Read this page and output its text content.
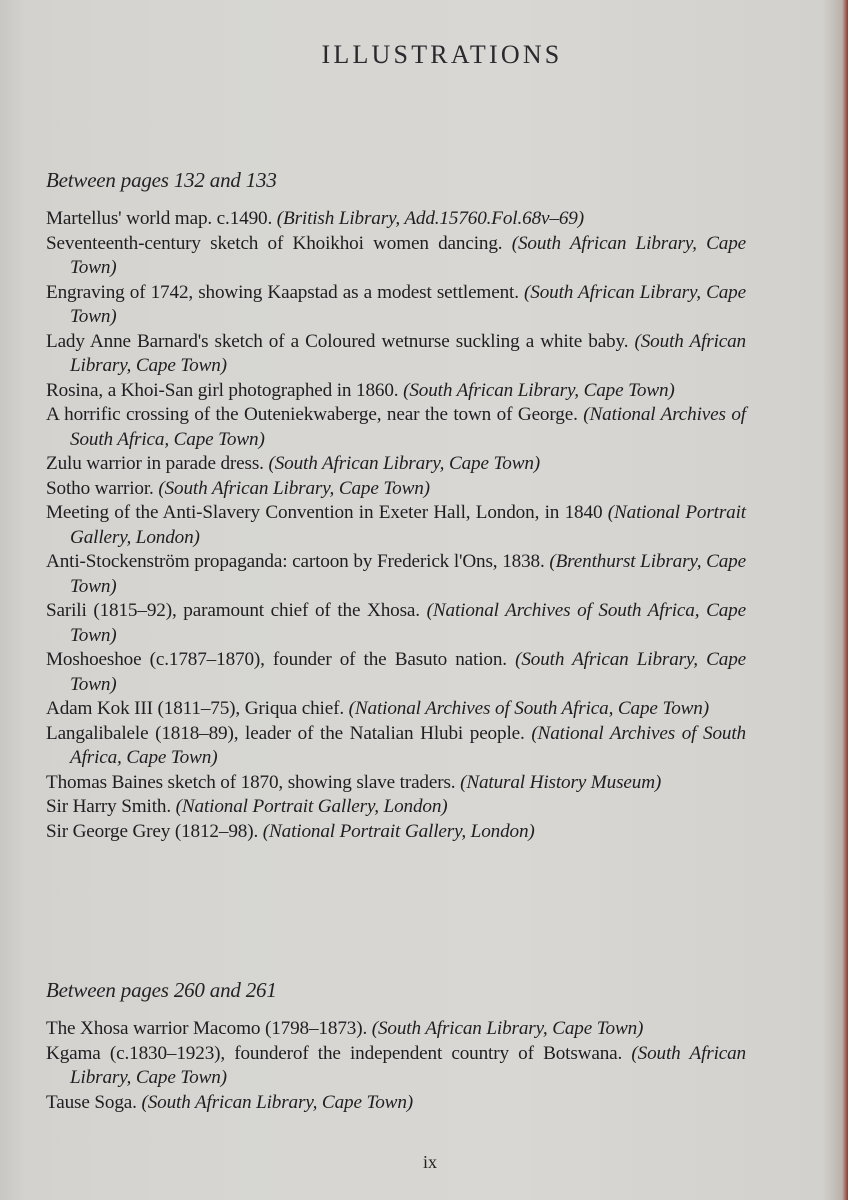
ILLUSTRATIONS
Between pages 132 and 133

Martellus' world map. c.1490. (British Library, Add.15760.Fol.68v–69)

Seventeenth-century sketch of Khoikhoi women dancing. (South African Library, Cape Town)

Engraving of 1742, showing Kaapstad as a modest settlement. (South African Library, Cape Town)

Lady Anne Barnard's sketch of a Coloured wetnurse suckling a white baby. (South African Library, Cape Town)

Rosina, a Khoi-San girl photographed in 1860. (South African Library, Cape Town)

A horrific crossing of the Outeniekwaberge, near the town of George. (National Archives of South Africa, Cape Town)

Zulu warrior in parade dress. (South African Library, Cape Town)

Sotho warrior. (South African Library, Cape Town)

Meeting of the Anti-Slavery Convention in Exeter Hall, London, in 1840 (National Portrait Gallery, London)

Anti-Stockenström propaganda: cartoon by Frederick l'Ons, 1838. (Brenthurst Library, Cape Town)

Sarili (1815–92), paramount chief of the Xhosa. (National Archives of South Africa, Cape Town)

Moshoeshoe (c.1787–1870), founder of the Basuto nation. (South African Library, Cape Town)

Adam Kok III (1811–75), Griqua chief. (National Archives of South Africa, Cape Town)

Langalibalele (1818–89), leader of the Natalian Hlubi people. (National Archives of South Africa, Cape Town)

Thomas Baines sketch of 1870, showing slave traders. (Natural History Museum)

Sir Harry Smith. (National Portrait Gallery, London)

Sir George Grey (1812–98). (National Portrait Gallery, London)

Between pages 260 and 261

The Xhosa warrior Macomo (1798–1873). (South African Library, Cape Town)

Kgama (c.1830–1923), founderof the independent country of Botswana. (South African Library, Cape Town)

Tause Soga. (South African Library, Cape Town)

ix
